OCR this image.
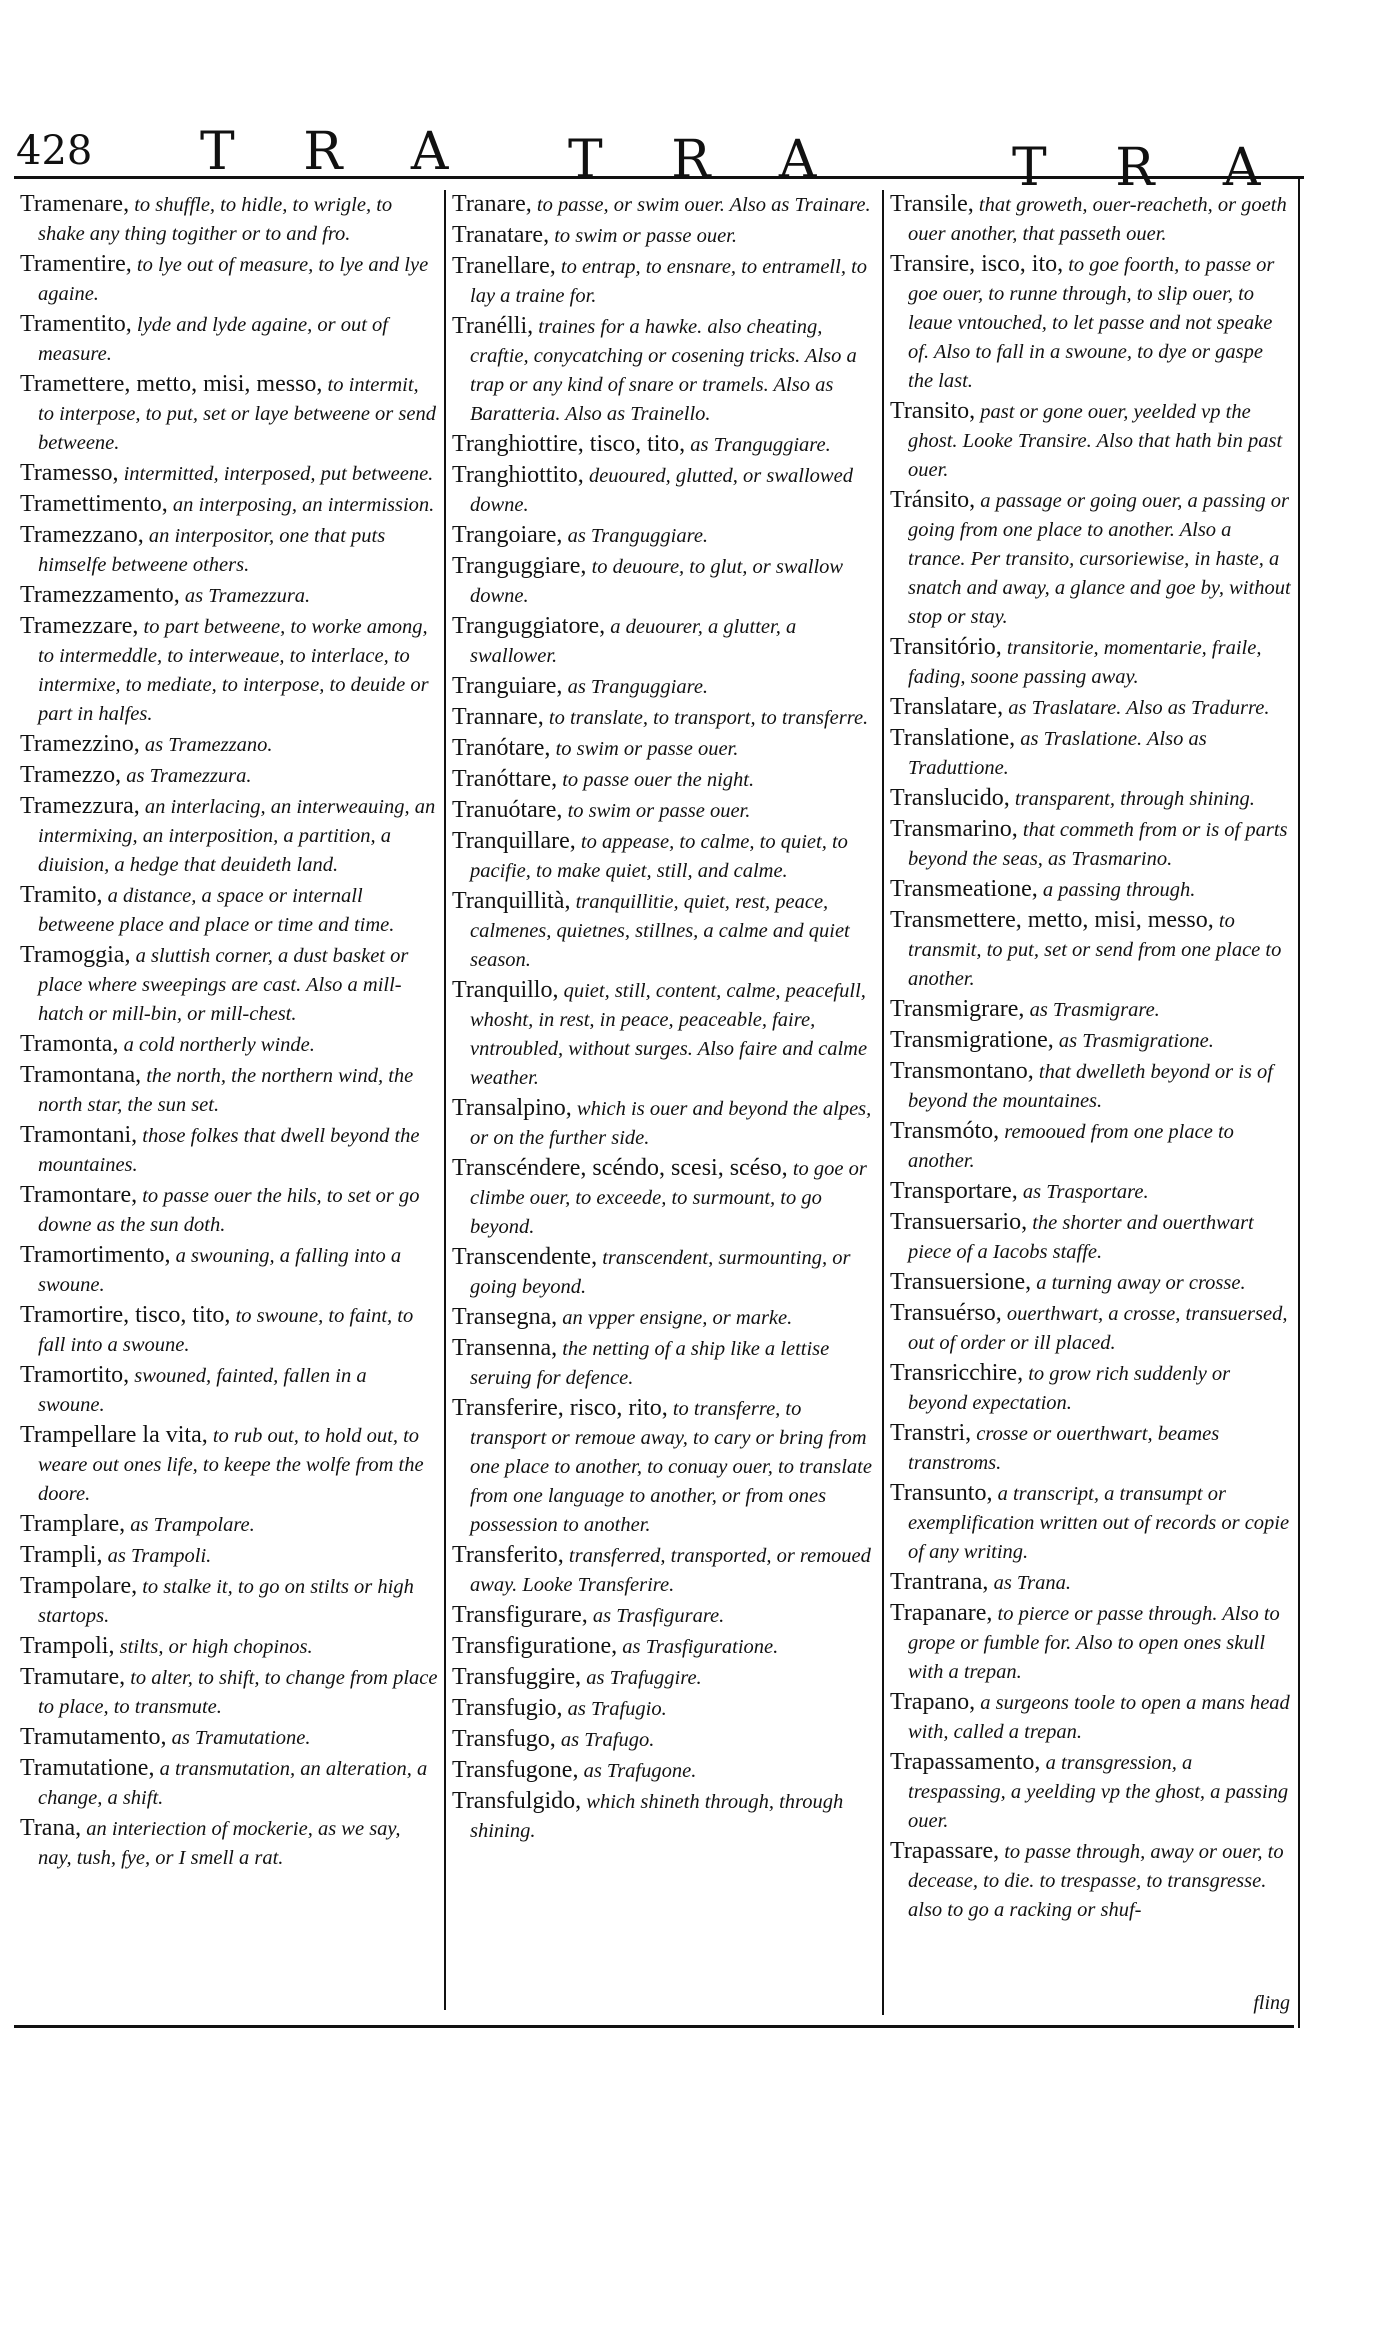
428 T R A T R A	T R A

Tramenare, to shuffle, to hidle, to wrigle, to shake any thing togither or to and fro.

Tramentire, to lye out of measure, to lye and lye againe.

Tramentito, lyde and lyde againe, or out of measure.

Tramettere, metto, misi, messo, to intermit, to interpose, to put, set or laye betweene or send betweene.

Tramesso, intermitted, interposed, put betweene.

Tramettimento, an interposing, an intermission.

Tramezzano, an interpositor, one that puts himselfe betweene others.

Tramezzamento, as Tramezzura.

Tramezzare, to part betweene, to worke among, to intermeddle, to interweaue, to interlace, to intermixe, to mediate, to interpose, to deuide or part in halfes.

Tramezzino, as Tramezzano.

Tramezzo, as Tramezzura.

Tramezzura, an interlacing, an interweauing, an intermixing, an interposition, a partition, a diuision, a hedge that deuideth land.

Tramito, a distance, a space or internall betweene place and place or time and time.

Tramoggia, a sluttish corner, a dust basket or place where sweepings are cast. Also a mill-hatch or mill-bin, or mill-chest.

Tramonta, a cold northerly winde.

Tramontana, the north, the northern wind, the north star, the sun set.

Tramontani, those folkes that dwell beyond the mountaines.

Tramontare, to passe ouer the hils, to set or go downe as the sun doth.

Tramortimento, a swouning, a falling into a swoune.

Tramortire, tisco, tito, to swoune, to faint, to fall into a swoune.

Tramortito, swouned, fainted, fallen in a swoune.

Trampellare la vita, to rub out, to hold out, to weare out ones life, to keepe the wolfe from the doore.

Tramplare, as Trampolare.

Trampli, as Trampoli.

Trampolare, to stalke it, to go on stilts or high startops.

Trampoli, stilts, or high chopinos.

Tramutare, to alter, to shift, to change from place to place, to transmute.

Tramutamento, as Tramutatione.

Tramutatione, a transmutation, an alteration, a change, a shift.

Trana, an interiection of mockerie, as we say, nay, tush, fye, or I smell a rat.

Tranare, to passe, or swim ouer. Also as Trainare.

Tranatare, to swim or passe ouer.

Tranellare, to entrap, to ensnare, to entramell, to lay a traine for.

Tranélli, traines for a hawke. also cheating, craftie, conycatching or cosening tricks. Also a trap or any kind of snare or tramels. Also as Baratteria. Also as Trainello.

Tranghiottire, tisco, tito, as Tranguggiare.

Tranghiottito, deuoured, glutted, or swallowed downe.

Trangoiare, as Tranguggiare.

Tranguggiare, to deuoure, to glut, or swallow downe.

Tranguggiatore, a deuourer, a glutter, a swallower.

Tranguiare, as Tranguggiare.

Trannare, to translate, to transport, to transferre.

Tranótare, to swim or passe ouer.

Tranóttare, to passe ouer the night.

Tranuótare, to swim or passe ouer.

Tranquillare, to appease, to calme, to quiet, to pacifie, to make quiet, still, and calme.

Tranquillità, tranquillitie, quiet, rest, peace, calmenes, quietnes, stillnes, a calme and quiet season.

Tranquillo, quiet, still, content, calme, peacefull, whosht, in rest, in peace, peaceable, faire, vntroubled, without surges. Also faire and calme weather.

Transalpino, which is ouer and beyond the alpes, or on the further side.

Transcéndere, scéndo, scesi, scéso, to goe or climbe ouer, to exceede, to surmount, to go beyond.

Transcendente, transcendent, surmounting, or going beyond.

Transegna, an vpper ensigne, or marke.

Transenna, the netting of a ship like a lettise seruing for defence.

Transferire, risco, rito, to transferre, to transport or remoue away, to cary or bring from one place to another, to conuay ouer, to translate from one language to another, or from ones possession to another.

Transferito, transferred, transported, or remoued away. Looke Transferire.

Transfigurare, as Trasfigurare.

Transfiguratione, as Trasfiguratione.

Transfuggire, as Trafuggire.

Transfugio, as Trafugio.

Transfugo, as Trafugo.

Transfugone, as Trafugone.

Transfulgido, which shineth through, through shining.

Transile, that groweth, ouer-reacheth, or goeth ouer another, that passeth ouer.

Transire, isco, ito, to goe foorth, to passe or goe ouer, to runne through, to slip ouer, to leaue vntouched, to let passe and not speake of. Also to fall in a swoune, to dye or gaspe the last.

Transito, past or gone ouer, yeelded vp the ghost. Looke Transire. Also that hath bin past ouer.

Tránsito, a passage or going ouer, a passing or going from one place to another. Also a trance. Per transito, cursoriewise, in haste, a snatch and away, a glance and goe by, without stop or stay.

Transitório, transitorie, momentarie, fraile, fading, soone passing away.

Translatare, as Traslatare. Also as Tradurre.

Translatione, as Traslatione. Also as Traduttione.

Translucido, transparent, through shining.

Transmarino, that commeth from or is of parts beyond the seas, as Trasmarino.

Transmeatione, a passing through.

Transmettere, metto, misi, messo, to transmit, to put, set or send from one place to another.

Transmigrare, as Trasmigrare.

Transmigratione, as Trasmigratione.

Transmontano, that dwelleth beyond or is of beyond the mountaines.

Transmóto, remooued from one place to another.

Transportare, as Trasportare.

Transuersario, the shorter and ouerthwart piece of a Iacobs staffe.

Transuersione, a turning away or crosse.

Transuérso, ouerthwart, a crosse, transuersed, out of order or ill placed.

Transricchire, to grow rich suddenly or beyond expectation.

Transtri, crosse or ouerthwart, beames transtroms.

Transunto, a transcript, a transumpt or exemplification written out of records or copie of any writing.

Trantrana, as Trana.

Trapanare, to pierce or passe through. Also to grope or fumble for. Also to open ones skull with a trepan.

Trapano, a surgeons toole to open a mans head with, called a trepan.

Trapassamento, a transgression, a trespassing, a yeelding vp the ghost, a passing ouer.

Trapassare, to passe through, away or ouer, to decease, to die. to trespasse, to transgresse. also to go a racking or shuf-

fling
